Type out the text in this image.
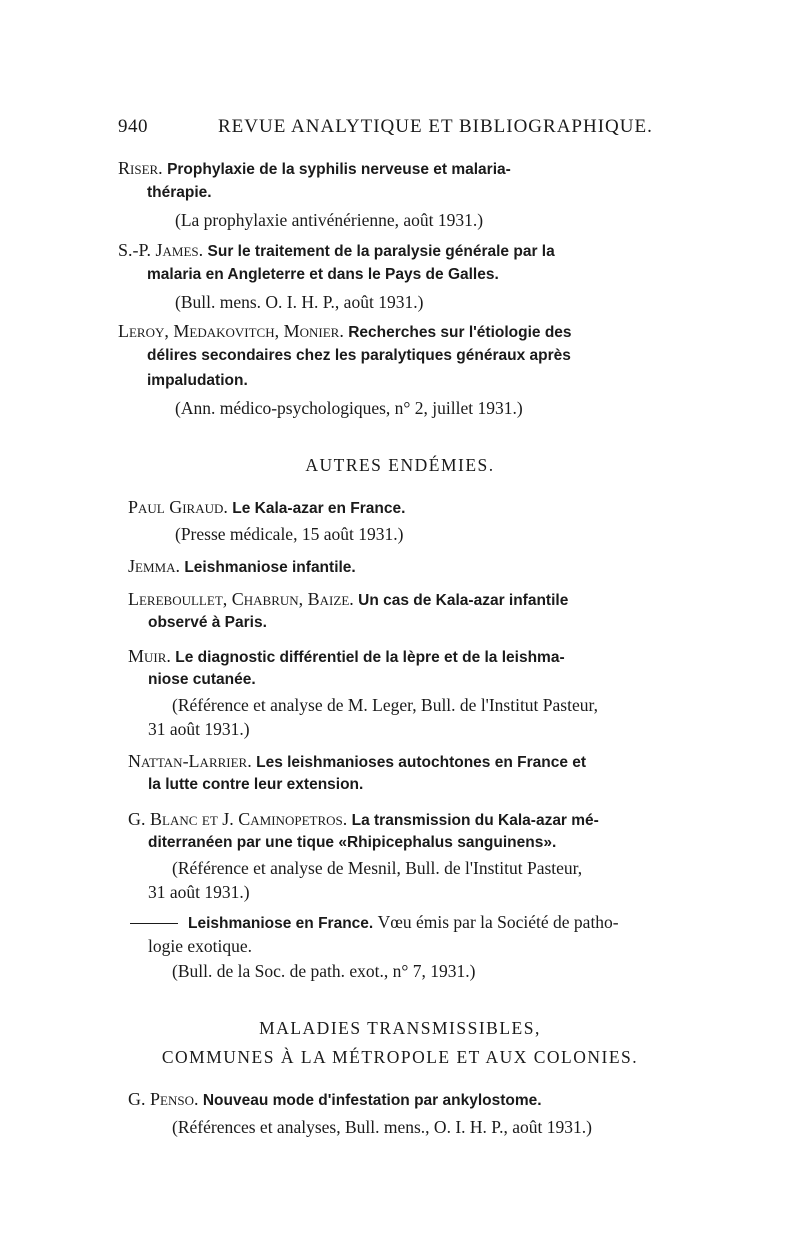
940	REVUE ANALYTIQUE ET BIBLIOGRAPHIQUE.
Riser. Prophylaxie de la syphilis nerveuse et malaria-
thérapie.
(La prophylaxie antivénérienne, août 1931.)
S.-P. James. Sur le traitement de la paralysie générale par la
malaria en Angleterre et dans le Pays de Galles.
(Bull. mens. O. I. H. P., août 1931.)
Leroy, Medakovitch, Monier. Recherches sur l'étiologie des
délires secondaires chez les paralytiques généraux après
impaludation.
(Ann. médico-psychologiques, n° 2, juillet 1931.)
AUTRES ENDÉMIES.
Paul Giraud. Le Kala-azar en France.
(Presse médicale, 15 août 1931.)
Jemma. Leishmaniose infantile.
Lereboullet, Chabrun, Baize. Un cas de Kala-azar infantile
observé à Paris.
Muir. Le diagnostic différentiel de la lèpre et de la leishma-
niose cutanée.
(Référence et analyse de M. Leger, Bull. de l'Institut Pasteur,
31 août 1931.)
Nattan-Larrier. Les leishmanioses autochtones en France et
la lutte contre leur extension.
G. Blanc et J. Caminopetros. La transmission du Kala-azar mé-
diterranéen par une tique «Rhipicephalus sanguinens».
(Référence et analyse de Mesnil, Bull. de l'Institut Pasteur,
31 août 1931.)
Leishmaniose en France. Vœu émis par la Société de patho-
logie exotique.
(Bull. de la Soc. de path. exot., n° 7, 1931.)
MALADIES TRANSMISSIBLES,
COMMUNES À LA MÉTROPOLE ET AUX COLONIES.
G. Penso. Nouveau mode d'infestation par ankylostome.
(Références et analyses, Bull. mens., O. I. H. P., août 1931.)
